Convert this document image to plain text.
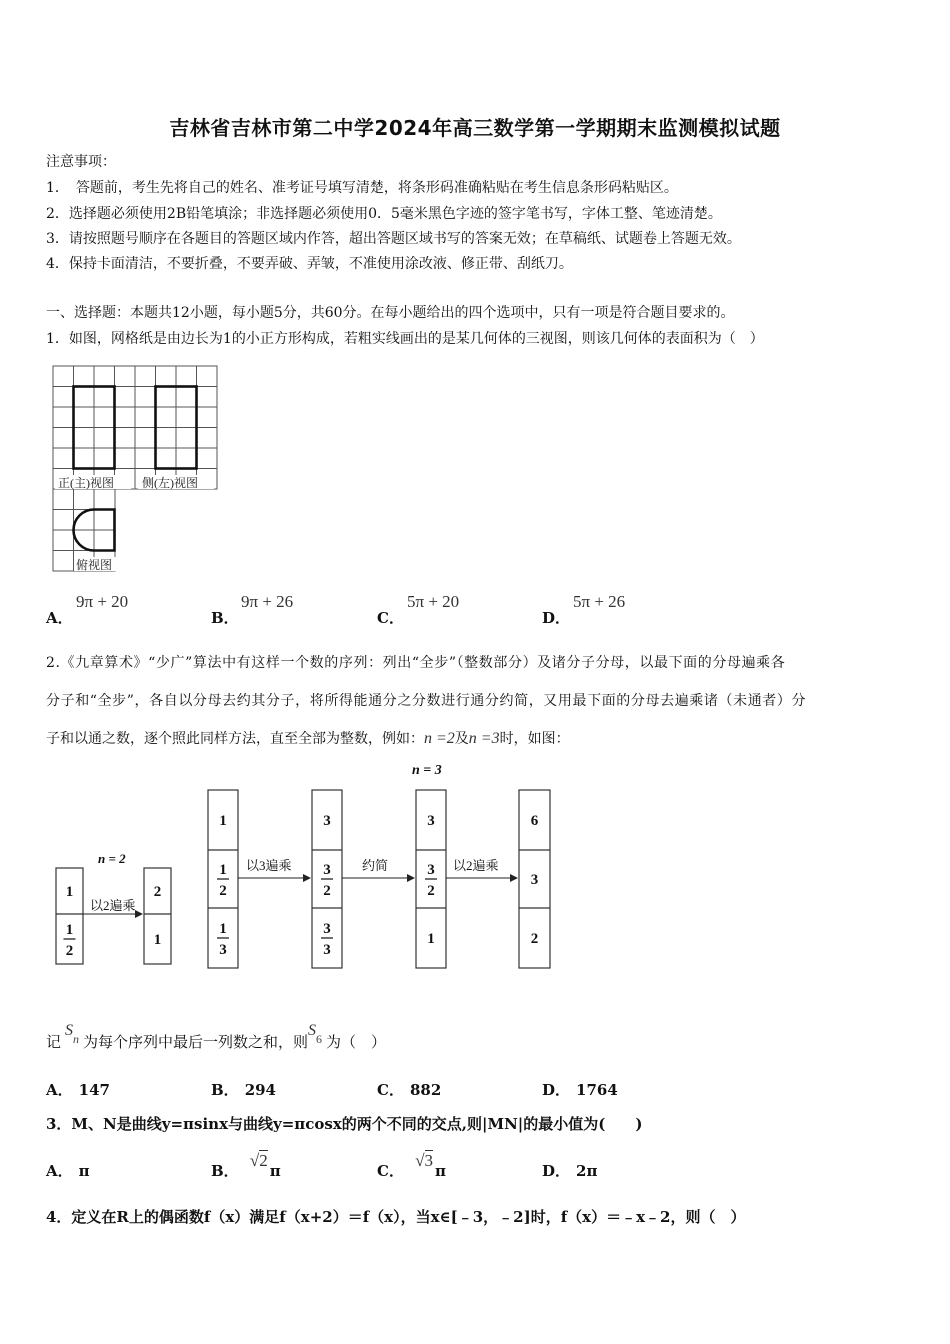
吉林省吉林市第二中学2024年高三数学第一学期期末监测模拟试题
注意事项：
1．　答题前，考生先将自己的姓名、准考证号填写清楚，将条形码准确粘贴在考生信息条形码粘贴区。
2．选择题必须使用2B铅笔填涂；非选择题必须使用0．5毫米黑色字迹的签字笔书写，字体工整、笔迹清楚。
3．请按照题号顺序在各题目的答题区域内作答，超出答题区域书写的答案无效；在草稿纸、试题卷上答题无效。
4．保持卡面清洁，不要折叠，不要弄破、弄皱，不准使用涂改液、修正带、刮纸刀。
一、选择题：本题共12小题，每小题5分，共60分。在每小题给出的四个选项中，只有一项是符合题目要求的。
1．如图，网格纸是由边长为1的小正方形构成，若粗实线画出的是某几何体的三视图，则该几何体的表面积为（　）
正(主)视图 侧(左)视图
俯视图
A．
9π + 20
B．
9π + 26
C．
5π + 20
D．
5π + 26
2.《九章算术》“少广”算法中有这样一个数的序列：列出“全步”（整数部分）及诸分子分母，以最下面的分母遍乘各
分子和“全步”，各自以分母去约其分子，将所得能通分之分数进行通分约简，又用最下面的分母去遍乘诸（未通者）分
子和以通之数，逐个照此同样方法，直至全部为整数，例如：n =2及n =3时，如图：
n = 3
n = 2
以2遍乘
以3遍乘	约简	以2遍乘
1
1
2
2
1
1
1
2
1
3
3
3
2
3
3
3
3
2
1
6
3
2
记$S^n$ 为每个序列中最后一列数之和，则$S^6$ 为（　）
A． 147	B． 294	C． 882	D． 1764
3．M、N是曲线y=πsinx与曲线y=πcosx的两个不同的交点,则|MN|的最小值为(　　)
A． π	B． √2π	C． √3π	D． 2π
4．定义在R上的偶函数f（x）满足f（x+2）＝f（x），当x∈[﹣3，﹣2]时，f（x）＝﹣x﹣2，则（　）
